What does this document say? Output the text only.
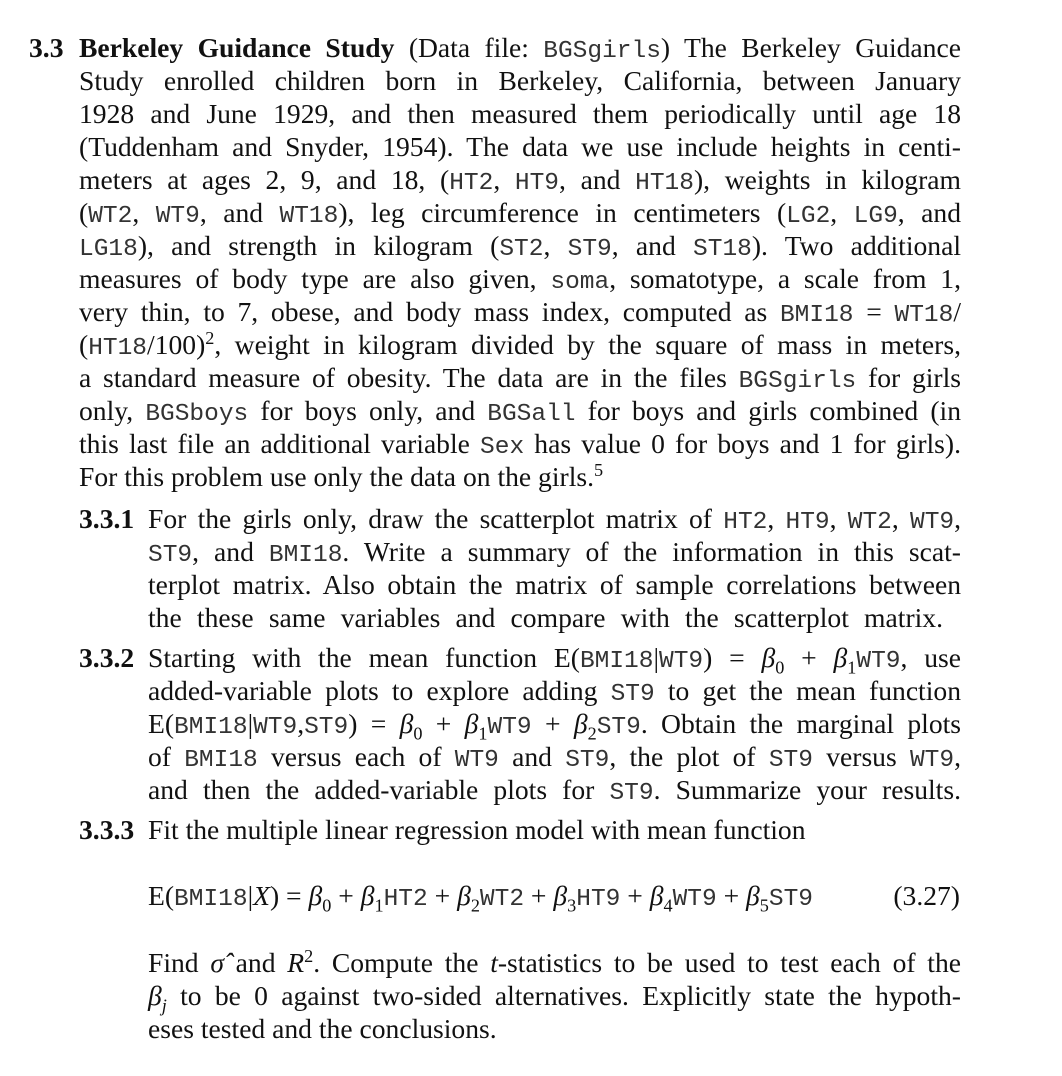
3.3 Berkeley Guidance Study (Data file: BGSgirls) The Berkeley Guidance
Study enrolled children born in Berkeley, California, between January
1928 and June 1929, and then measured them periodically until age 18
(Tuddenham and Snyder, 1954). The data we use include heights in centi-
meters at ages 2, 9, and 18, (HT2, HT9, and HT18), weights in kilogram
(WT2, WT9, and WT18), leg circumference in centimeters (LG2, LG9, and
LG18), and strength in kilogram (ST2, ST9, and ST18). Two additional
measures of body type are also given, soma, somatotype, a scale from 1,
very thin, to 7, obese, and body mass index, computed as BMI18 = WT18/
$(HT18/100)^2$, weight in kilogram divided by the square of mass in meters,
a standard measure of obesity. The data are in the files BGSgirls for girls
only, BGSboys for boys only, and BGSall for boys and girls combined (in
this last file an additional variable Sex has value 0 for boys and 1 for girls).
For this problem use only the data on the girls.$^5$
3.3.1 For the girls only, draw the scatterplot matrix of HT2, HT9, WT2, WT9,
ST9, and BMI18. Write a summary of the information in this scat-
terplot matrix. Also obtain the matrix of sample correlations between
the these same variables and compare with the scatterplot matrix.
3.3.2 Starting with the mean function $E(BMI18|WT9) = \beta_0 + \beta_1WT9$, use
added-variable plots to explore adding ST9 to get the mean function
$E(BMI18|WT9,ST9) = \beta_0 + \beta_1WT9 + \beta_2ST9$. Obtain the marginal plots
of BMI18 versus each of WT9 and ST9, the plot of ST9 versus WT9,
and then the added-variable plots for ST9. Summarize your results.
3.3.3 Fit the multiple linear regression model with mean function
$E(BMI18|X) = \beta_0 + \beta_1HT2 + \beta_2WT2 + \beta_3HT9 + \beta_4WT9 + \beta_5ST9$	(3.27)
Find σ̂ and $R^2$. Compute the t-statistics to be used to test each of the
$\beta_j$ to be 0 against two-sided alternatives. Explicitly state the hypoth-
eses tested and the conclusions.
